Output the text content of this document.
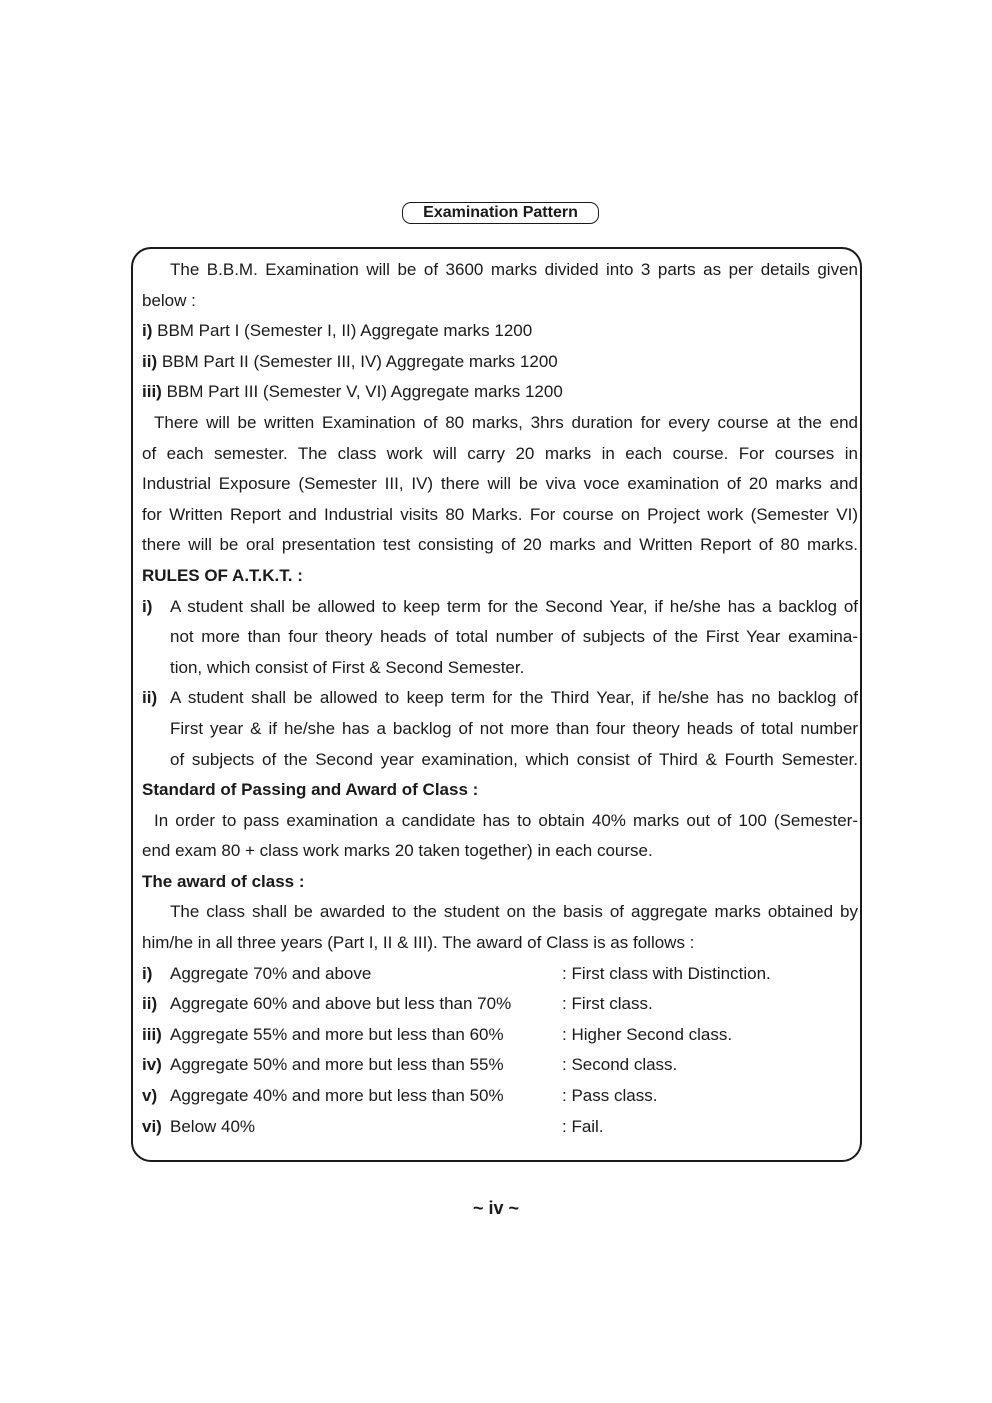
Examination Pattern
The B.B.M. Examination will be of 3600 marks divided into 3 parts as per details given
below :
i) BBM Part I (Semester I, II) Aggregate marks 1200
ii) BBM Part II (Semester III, IV) Aggregate marks 1200
iii) BBM Part III (Semester V, VI) Aggregate marks 1200
There will be written Examination of 80 marks, 3hrs duration for every course at the end
of each semester. The class work will carry 20 marks in each course. For courses in
Industrial Exposure (Semester III, IV) there will be viva voce examination of 20 marks and
for Written Report and Industrial visits 80 Marks. For course on Project work (Semester VI)
there will be oral presentation test consisting of 20 marks and Written Report of 80 marks.
RULES OF A.T.K.T. :
i) A student shall be allowed to keep term for the Second Year, if he/she has a backlog of
not more than four theory heads of total number of subjects of the First Year examina-
tion, which consist of First & Second Semester.
ii) A student shall be allowed to keep term for the Third Year, if he/she has no backlog of
First year & if he/she has a backlog of not more than four theory heads of total number
of subjects of the Second year examination, which consist of Third & Fourth Semester.
Standard of Passing and Award of Class :
In order to pass examination a candidate has to obtain 40% marks out of 100 (Semester-
end exam 80 + class work marks 20 taken together) in each course.
The award of class :
The class shall be awarded to the student on the basis of aggregate marks obtained by
him/he in all three years (Part I, II & III). The award of Class is as follows :
i) Aggregate 70% and above	: First class with Distinction.
ii) Aggregate 60% and above but less than 70%	: First class.
iii) Aggregate 55% and more but less than 60%	: Higher Second class.
iv) Aggregate 50% and more but less than 55%	: Second class.
v) Aggregate 40% and more but less than 50%	: Pass class.
vi) Below 40%	: Fail.
~ iv ~
